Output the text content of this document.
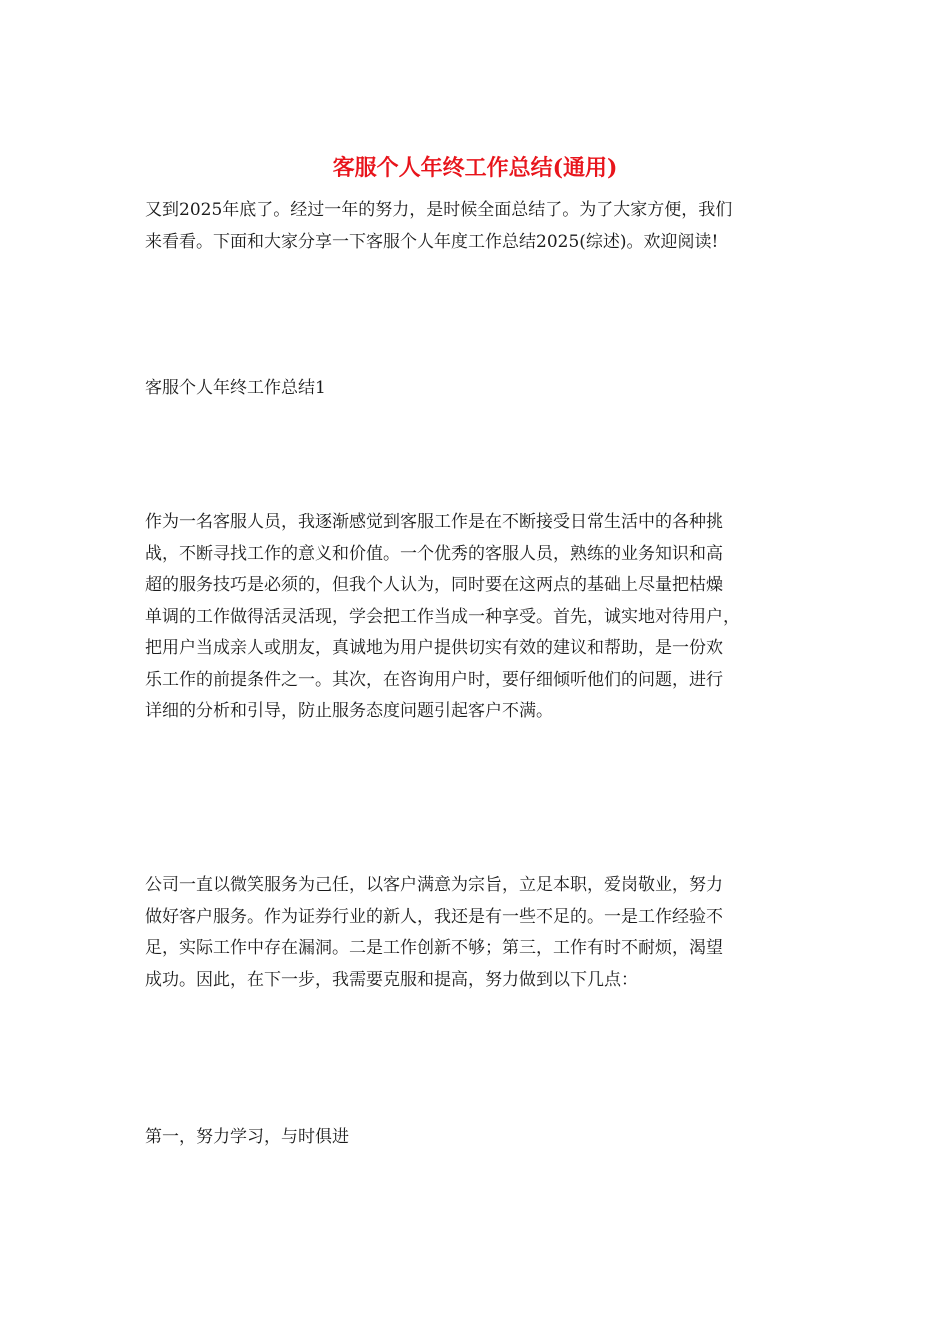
客服个人年终工作总结(通用)

又到2025年底了。经过一年的努力，是时候全面总结了。为了大家方便，我们
来看看。下面和大家分享一下客服个人年度工作总结2025(综述)。欢迎阅读!

客服个人年终工作总结1

作为一名客服人员，我逐渐感觉到客服工作是在不断接受日常生活中的各种挑
战，不断寻找工作的意义和价值。一个优秀的客服人员，熟练的业务知识和高
超的服务技巧是必须的，但我个人认为，同时要在这两点的基础上尽量把枯燥
单调的工作做得活灵活现，学会把工作当成一种享受。首先，诚实地对待用户，
把用户当成亲人或朋友，真诚地为用户提供切实有效的建议和帮助，是一份欢
乐工作的前提条件之一。其次，在咨询用户时，要仔细倾听他们的问题，进行
详细的分析和引导，防止服务态度问题引起客户不满。

公司一直以微笑服务为己任，以客户满意为宗旨，立足本职，爱岗敬业，努力
做好客户服务。作为证券行业的新人，我还是有一些不足的。一是工作经验不
足，实际工作中存在漏洞。二是工作创新不够；第三，工作有时不耐烦，渴望
成功。因此，在下一步，我需要克服和提高，努力做到以下几点：

第一，努力学习，与时俱进
